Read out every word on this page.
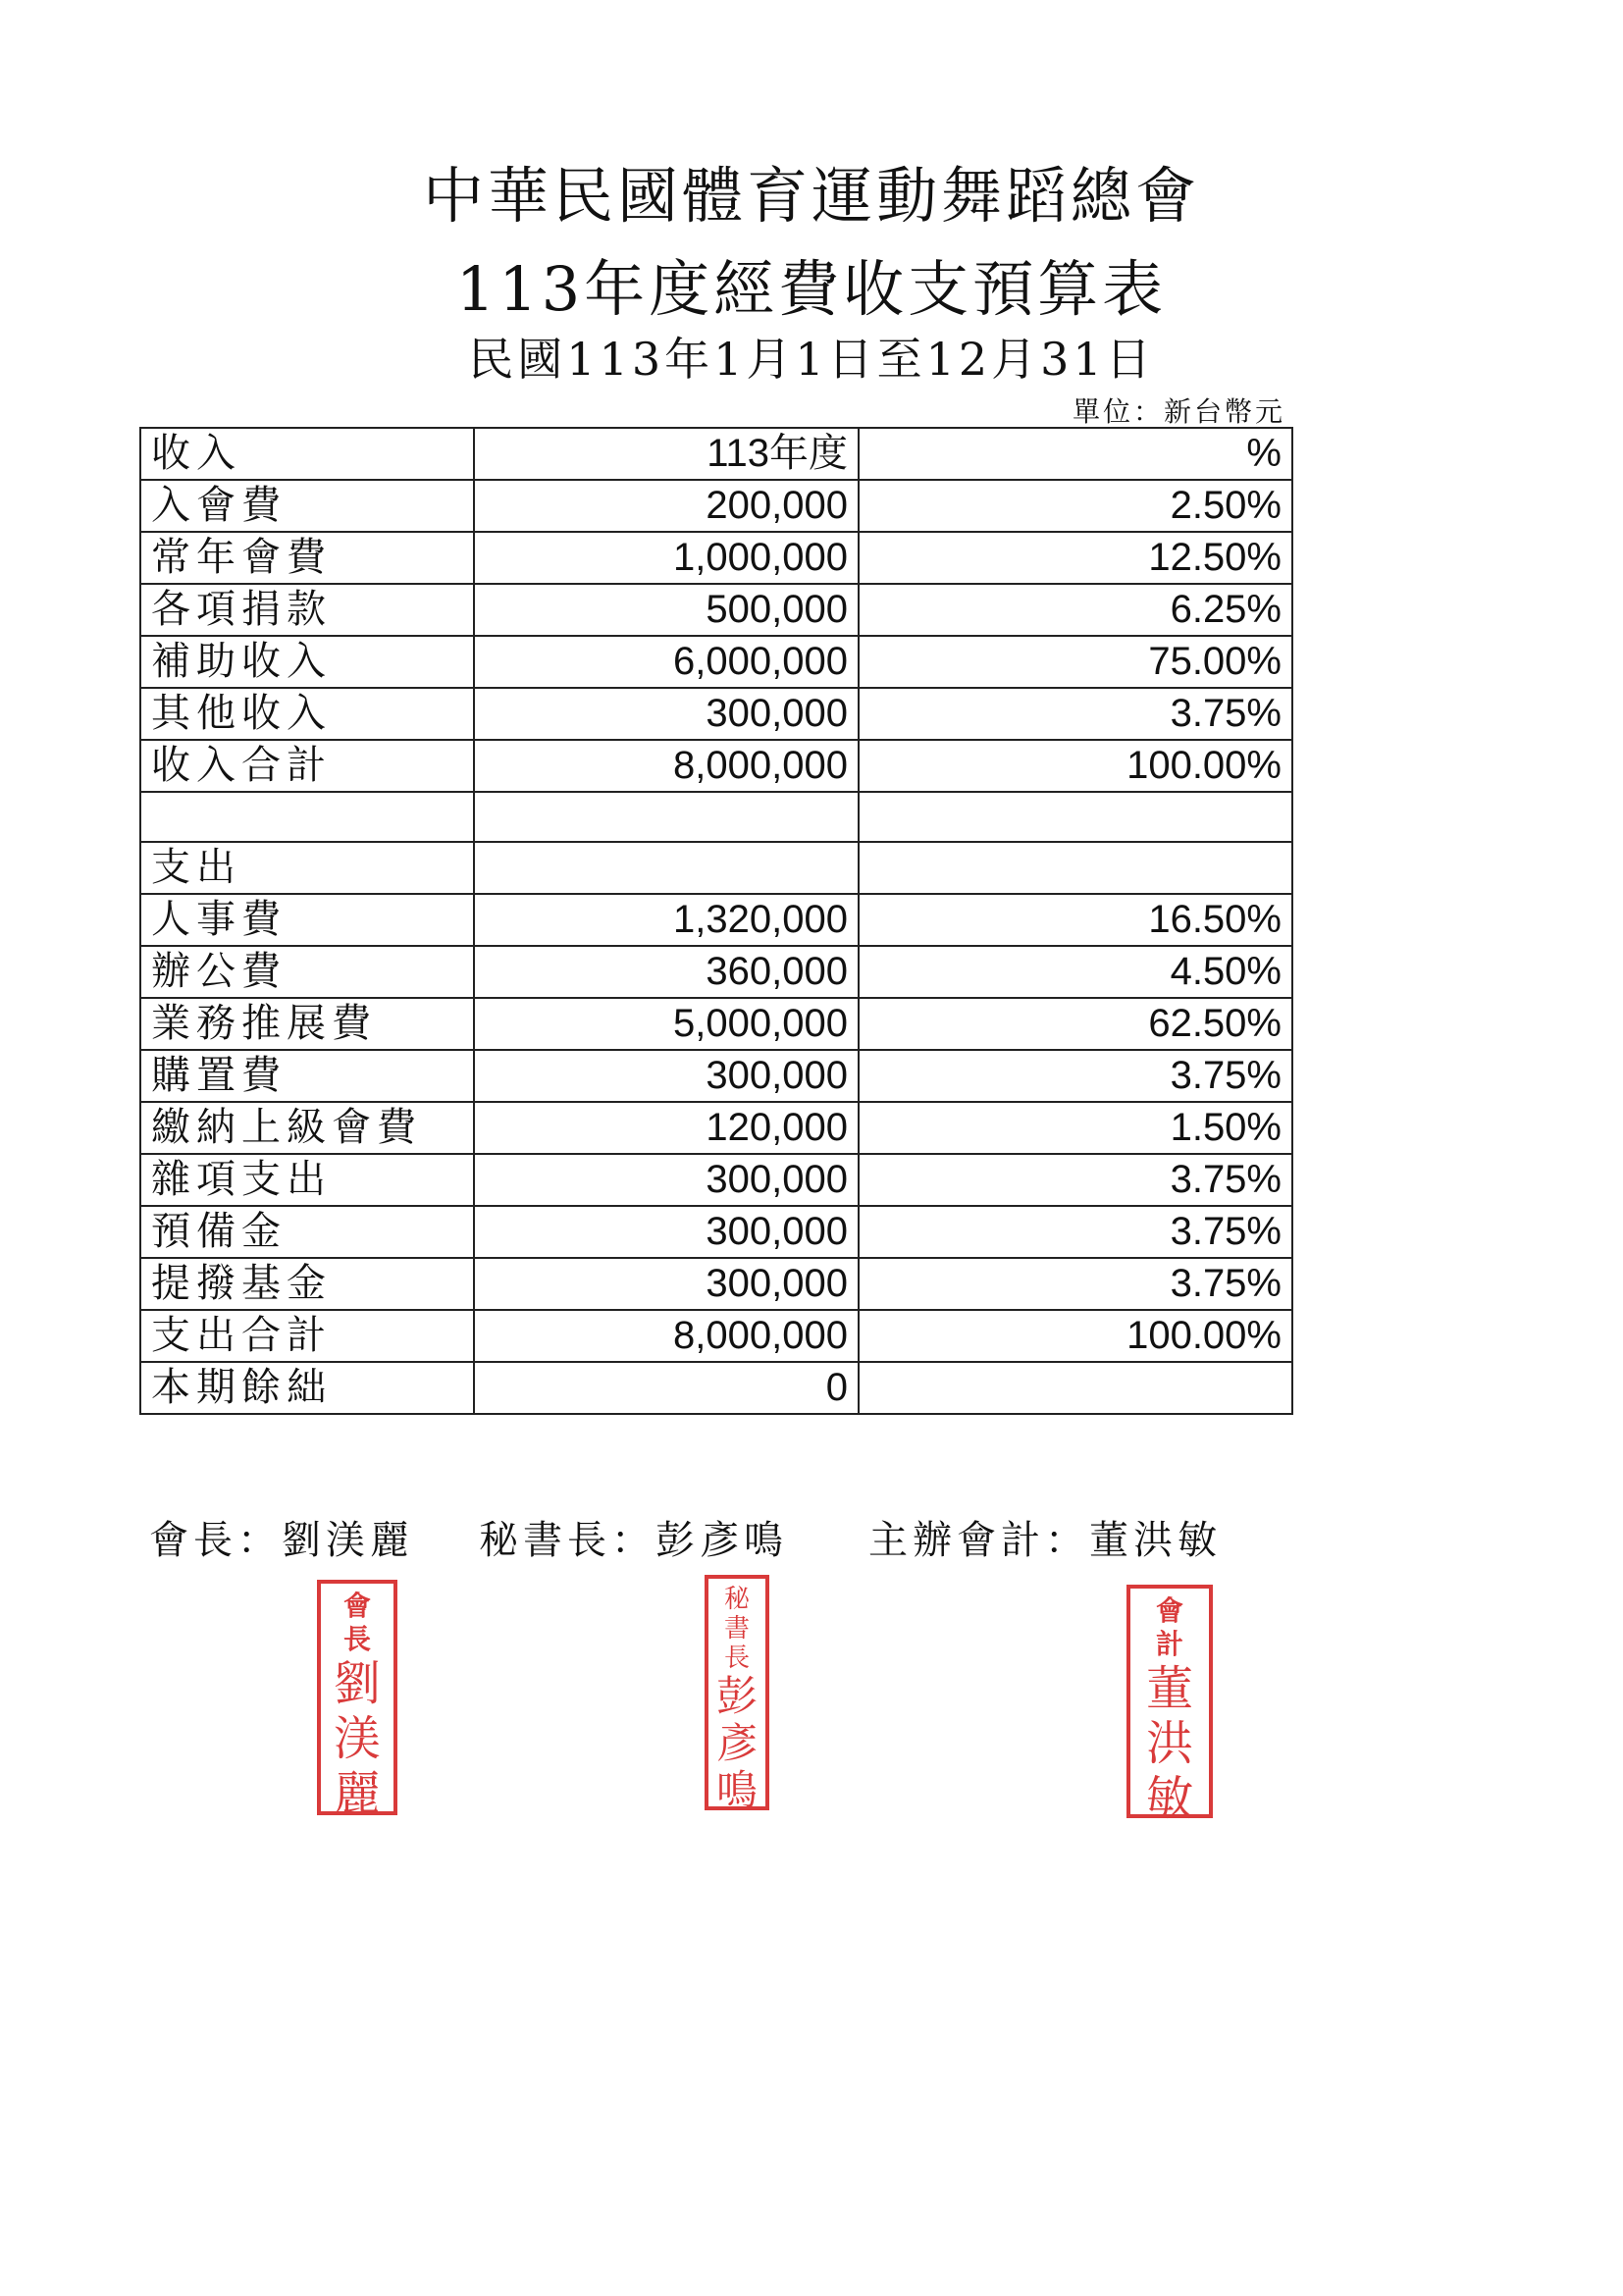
中華民國體育運動舞蹈總會
113年度經費收支預算表
民國113年1月1日至12月31日
單位：新台幣元
收入	113年度	%
入會費	200,000	2.50%
常年會費	1,000,000	12.50%
各項捐款	500,000	6.25%
補助收入	6,000,000	75.00%
其他收入	300,000	3.75%
收入合計	8,000,000	100.00%

支出		
人事費	1,320,000	16.50%
辦公費	360,000	4.50%
業務推展費	5,000,000	62.50%
購置費	300,000	3.75%
繳納上級會費	120,000	1.50%
雜項支出	300,000	3.75%
預備金	300,000	3.75%
提撥基金	300,000	3.75%
支出合計	8,000,000	100.00%
本期餘絀	0	
會長：劉渼麗 秘書長：彭彥鳴 主辦會計：董洪敏
會
長
劉
渼
麗
秘
書
長
彭
彥
鳴
會
計
董
洪
敏
